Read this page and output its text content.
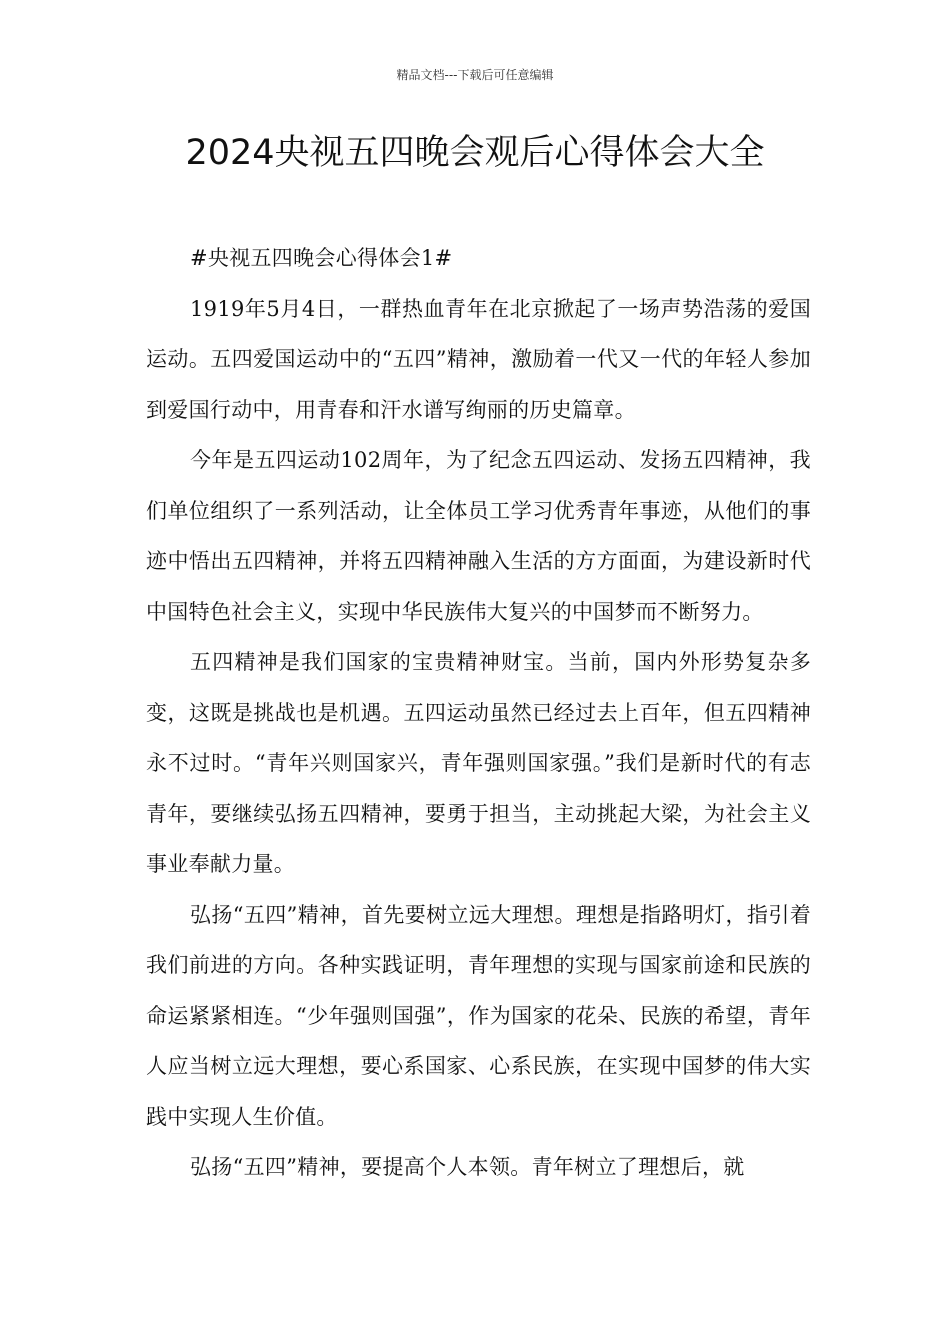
精品文档---下载后可任意编辑
2024央视五四晚会观后心得体会大全

#央视五四晚会心得体会1#

1919年5月4日，一群热血青年在北京掀起了一场声势浩荡的爱国运动。五四爱国运动中的“五四”精神，激励着一代又一代的年轻人参加到爱国行动中，用青春和汗水谱写绚丽的历史篇章。

今年是五四运动102周年，为了纪念五四运动、发扬五四精神，我们单位组织了一系列活动，让全体员工学习优秀青年事迹，从他们的事迹中悟出五四精神，并将五四精神融入生活的方方面面，为建设新时代中国特色社会主义，实现中华民族伟大复兴的中国梦而不断努力。

五四精神是我们国家的宝贵精神财宝。当前，国内外形势复杂多变，这既是挑战也是机遇。五四运动虽然已经过去上百年，但五四精神永不过时。“青年兴则国家兴，青年强则国家强。”我们是新时代的有志青年，要继续弘扬五四精神，要勇于担当，主动挑起大梁，为社会主义事业奉献力量。

弘扬“五四”精神，首先要树立远大理想。理想是指路明灯，指引着我们前进的方向。各种实践证明，青年理想的实现与国家前途和民族的命运紧紧相连。“少年强则国强”，作为国家的花朵、民族的希望，青年人应当树立远大理想，要心系国家、心系民族，在实现中国梦的伟大实践中实现人生价值。

弘扬“五四”精神，要提高个人本领。青年树立了理想后，就
